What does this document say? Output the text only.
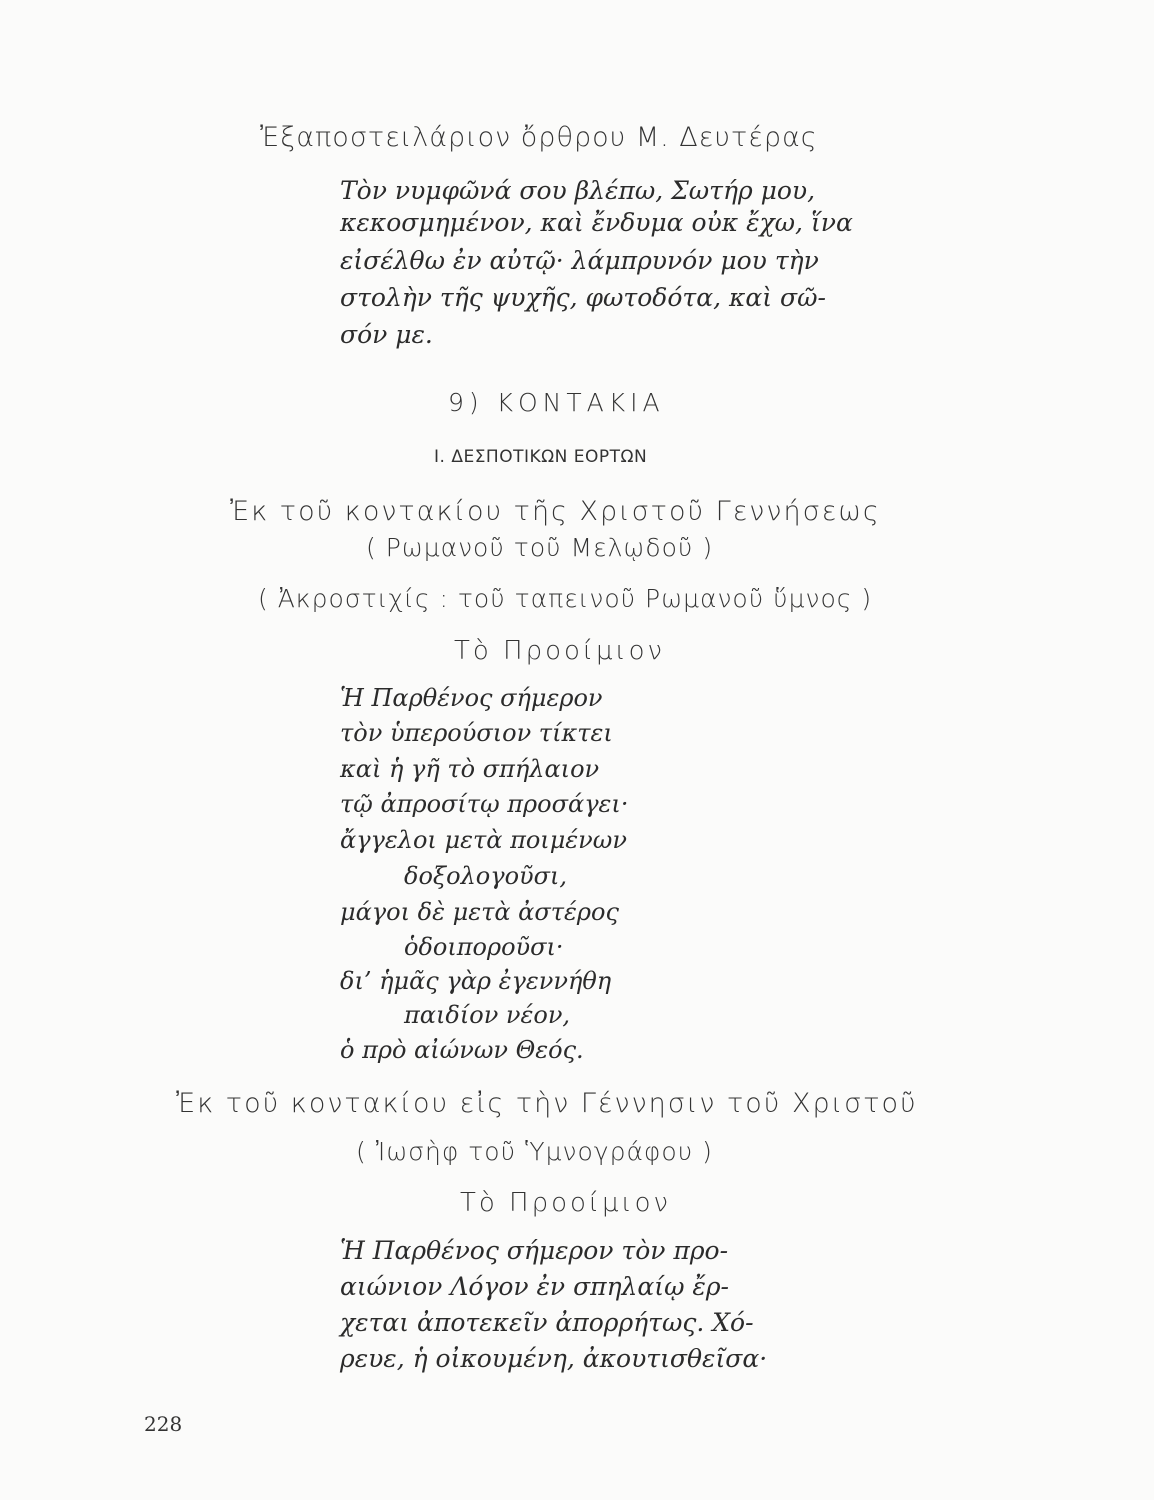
Ἐξαποστειλάριον ὄρθρου Μ. Δευτέρας
Τὸν νυμφῶνά σου βλέπω, Σωτήρ μου,
κεκοσμημένον, καὶ ἔνδυμα οὐκ ἔχω, ἵνα
εἰσέλθω ἐν αὐτῷ· λάμπρυνόν μου τὴν
στολὴν τῆς ψυχῆς, φωτοδότα, καὶ σῶ-
σόν με.
9) ΚΟΝΤΑΚΙΑ
Ι. ΔΕΣΠΟΤΙΚΩΝ ΕΟΡΤΩΝ
Ἐκ τοῦ κοντακίου τῆς Χριστοῦ Γεννήσεως
( Ρωμανοῦ τοῦ Μελῳδοῦ )
( Ἀκροστιχίς : τοῦ ταπεινοῦ Ρωμανοῦ ὕμνος )
Τὸ Προοίμιον
Ἡ Παρθένος σήμερον
τὸν ὑπερούσιον τίκτει
καὶ ἡ γῆ τὸ σπήλαιον
τῷ ἀπροσίτῳ προσάγει·
ἄγγελοι μετὰ ποιμένων
δοξολογοῦσι,
μάγοι δὲ μετὰ ἀστέρος
ὁδοιποροῦσι·
δι’ ἡμᾶς γὰρ ἐγεννήθη
παιδίον νέον,
ὁ πρὸ αἰώνων Θεός.
Ἐκ τοῦ κοντακίου εἰς τὴν Γέννησιν τοῦ Χριστοῦ
( Ἰωσὴφ τοῦ Ὑμνογράφου )
Τὸ Προοίμιον
Ἡ Παρθένος σήμερον τὸν προ-
αιώνιον Λόγον ἐν σπηλαίῳ ἔρ-
χεται ἀποτεκεῖν ἀπορρήτως. Χό-
ρευε, ἡ οἰκουμένη, ἀκουτισθεῖσα·
228
